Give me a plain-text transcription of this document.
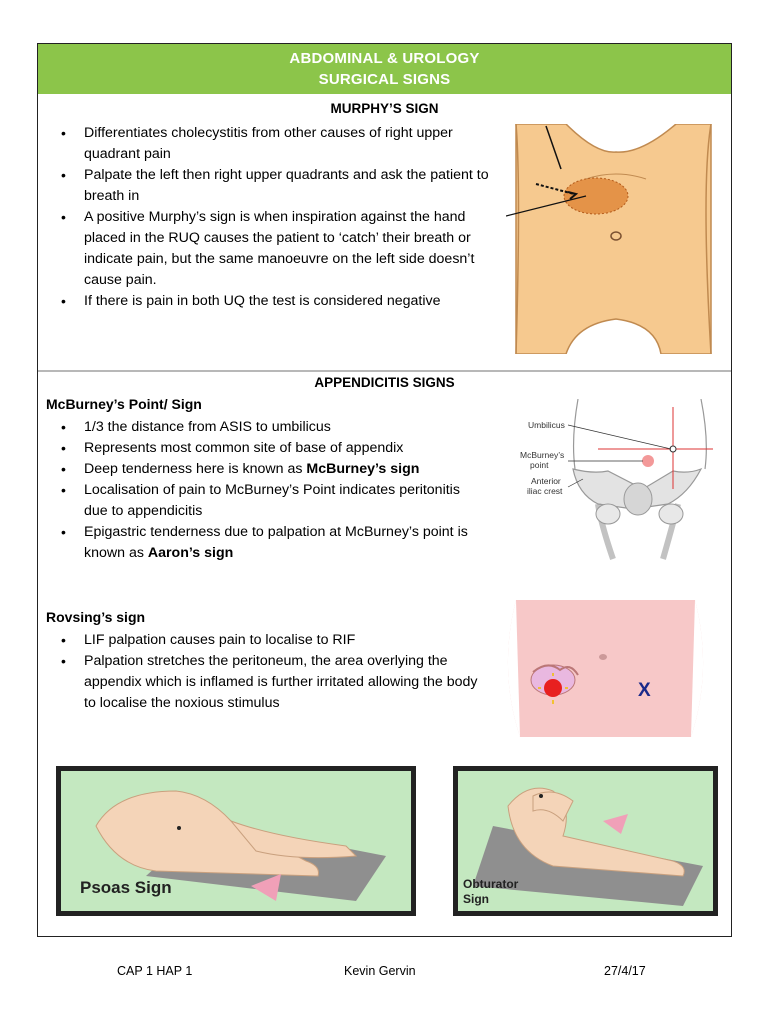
ABDOMINAL & UROLOGY
SURGICAL SIGNS
MURPHY’S SIGN
• Differentiates cholecystitis from other causes of right upper quadrant pain
• Palpate the left then right upper quadrants and ask the patient to breath in
• A positive Murphy’s sign is when inspiration against the hand placed in the RUQ causes the patient to ‘catch’ their breath or indicate pain, but the same manoeuvre on the left side doesn’t cause pain.
• If there is pain in both UQ the test is considered negative
APPENDICITIS SIGNS
McBurney’s Point/ Sign
• 1/3 the distance from ASIS to umbilicus
• Represents most common site of base of appendix
• Deep tenderness here is known as McBurney’s sign
• Localisation of pain to McBurney’s Point indicates peritonitis due to appendicitis
• Epigastric tenderness due to palpation at McBurney’s point is known as Aaron’s sign
Umbilicus
McBurney’s
point
Anterior
iliac crest
Rovsing’s sign
• LIF palpation causes pain to localise to RIF
• Palpation stretches the peritoneum, the area overlying the appendix which is inflamed is further irritated allowing the body to localise the noxious stimulus
X
Psoas Sign	Obturator
Sign
CAP 1 HAP 1	Kevin Gervin	27/4/17
